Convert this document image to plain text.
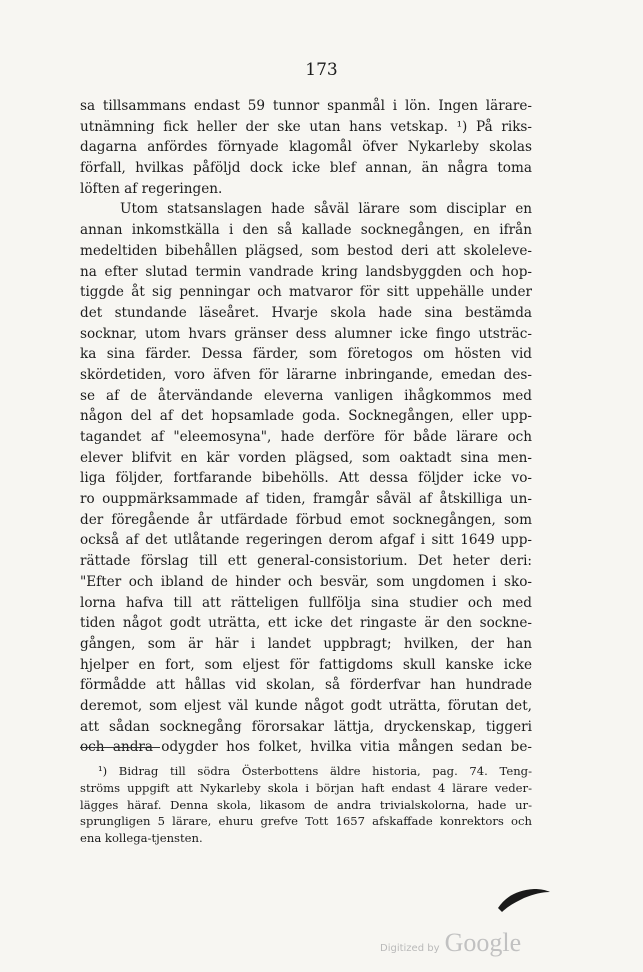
173
sa tillsammans endast 59 tunnor spanmål i lön. Ingen lärare-
utnämning fick heller der ske utan hans vetskap. ¹) På riks-
dagarna anfördes förnyade klagomål öfver Nykarleby skolas
förfall, hvilkas påföljd dock icke blef annan, än några toma
löften af regeringen.
Utom statsanslagen hade såväl lärare som disciplar en
annan inkomstkälla i den så kallade socknegången, en ifrån
medeltiden bibehållen plägsed, som bestod deri att skoleleve-
na efter slutad termin vandrade kring landsbyggden och hop-
tiggde åt sig penningar och matvaror för sitt uppehälle under
det stundande läseåret. Hvarje skola hade sina bestämda
socknar, utom hvars gränser dess alumner icke fingo utsträc-
ka sina färder. Dessa färder, som företogos om hösten vid
skördetiden, voro äfven för lärarne inbringande, emedan des-
se af de återvändande eleverna vanligen ihågkommos med
någon del af det hopsamlade goda. Socknegången, eller upp-
tagandet af "eleemosyna", hade derföre för både lärare och
elever blifvit en kär vorden plägsed, som oaktadt sina men-
liga följder, fortfarande bibehölls. Att dessa följder icke vo-
ro ouppmärksammade af tiden, framgår såväl af åtskilliga un-
der föregående år utfärdade förbud emot socknegången, som
också af det utlåtande regeringen derom afgaf i sitt 1649 upp-
rättade förslag till ett general-consistorium. Det heter deri:
"Efter och ibland de hinder och besvär, som ungdomen i sko-
lorna hafva till att rätteligen fullfölja sina studier och med
tiden något godt uträtta, ett icke det ringaste är den sockne-
gången, som är här i landet uppbragt; hvilken, der han
hjelper en fort, som eljest för fattigdoms skull kanske icke
förmådde att hållas vid skolan, så förderfvar han hundrade
deremot, som eljest väl kunde något godt uträtta, förutan det,
att sådan socknegång förorsakar lättja, dryckenskap, tiggeri
och andra odygder hos folket, hvilka vitia mången sedan be-
¹) Bidrag till södra Österbottens äldre historia, pag. 74. Teng-
ströms uppgift att Nykarleby skola i början haft endast 4 lärare veder-
lägges häraf. Denna skola, likasom de andra trivialskolorna, hade ur-
sprungligen 5 lärare, ehuru grefve Tott 1657 afskaffade konrektors och
ena kollega-tjensten.
Digitized by Google
